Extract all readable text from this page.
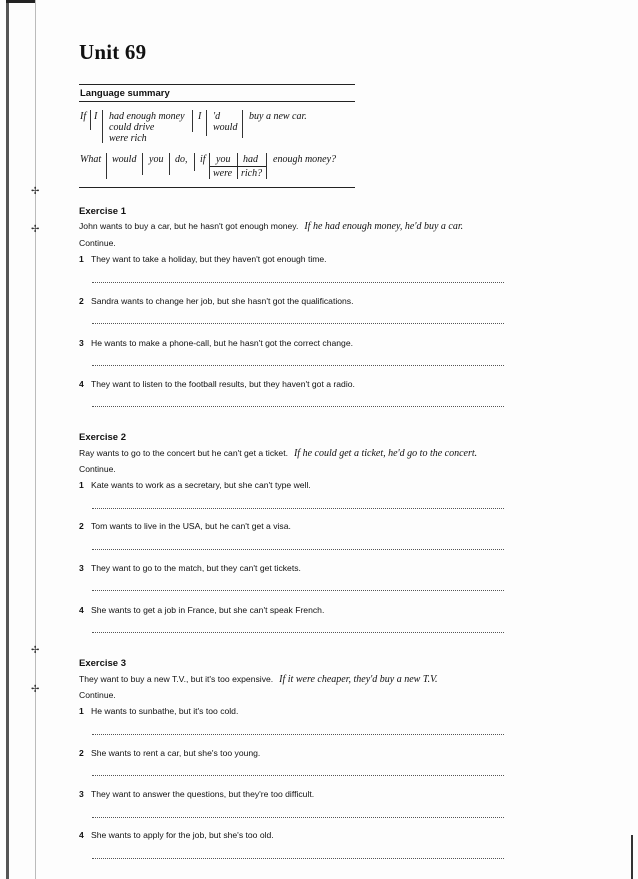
✢
✢
✢
✢
Unit 69
Language summary
If I had enough money
could drive
were rich
I 'd
would
buy a new car.
What would you do, if you
were
had
rich?
enough money?
Exercise 1
John wants to buy a car, but he hasn't got enough money. If he had enough money, he'd buy a car.
Continue.
1 They want to take a holiday, but they haven't got enough time.
2 Sandra wants to change her job, but she hasn't got the qualifications.
3 He wants to make a phone-call, but he hasn't got the correct change.
4 They want to listen to the football results, but they haven't got a radio.
Exercise 2
Ray wants to go to the concert but he can't get a ticket. If he could get a ticket, he'd go to the concert.
Continue.
1 Kate wants to work as a secretary, but she can't type well.
2 Tom wants to live in the USA, but he can't get a visa.
3 They want to go to the match, but they can't get tickets.
4 She wants to get a job in France, but she can't speak French.
Exercise 3
They want to buy a new T.V., but it's too expensive. If it were cheaper, they'd buy a new T.V.
Continue.
1 He wants to sunbathe, but it's too cold.
2 She wants to rent a car, but she's too young.
3 They want to answer the questions, but they're too difficult.
4 She wants to apply for the job, but she's too old.
